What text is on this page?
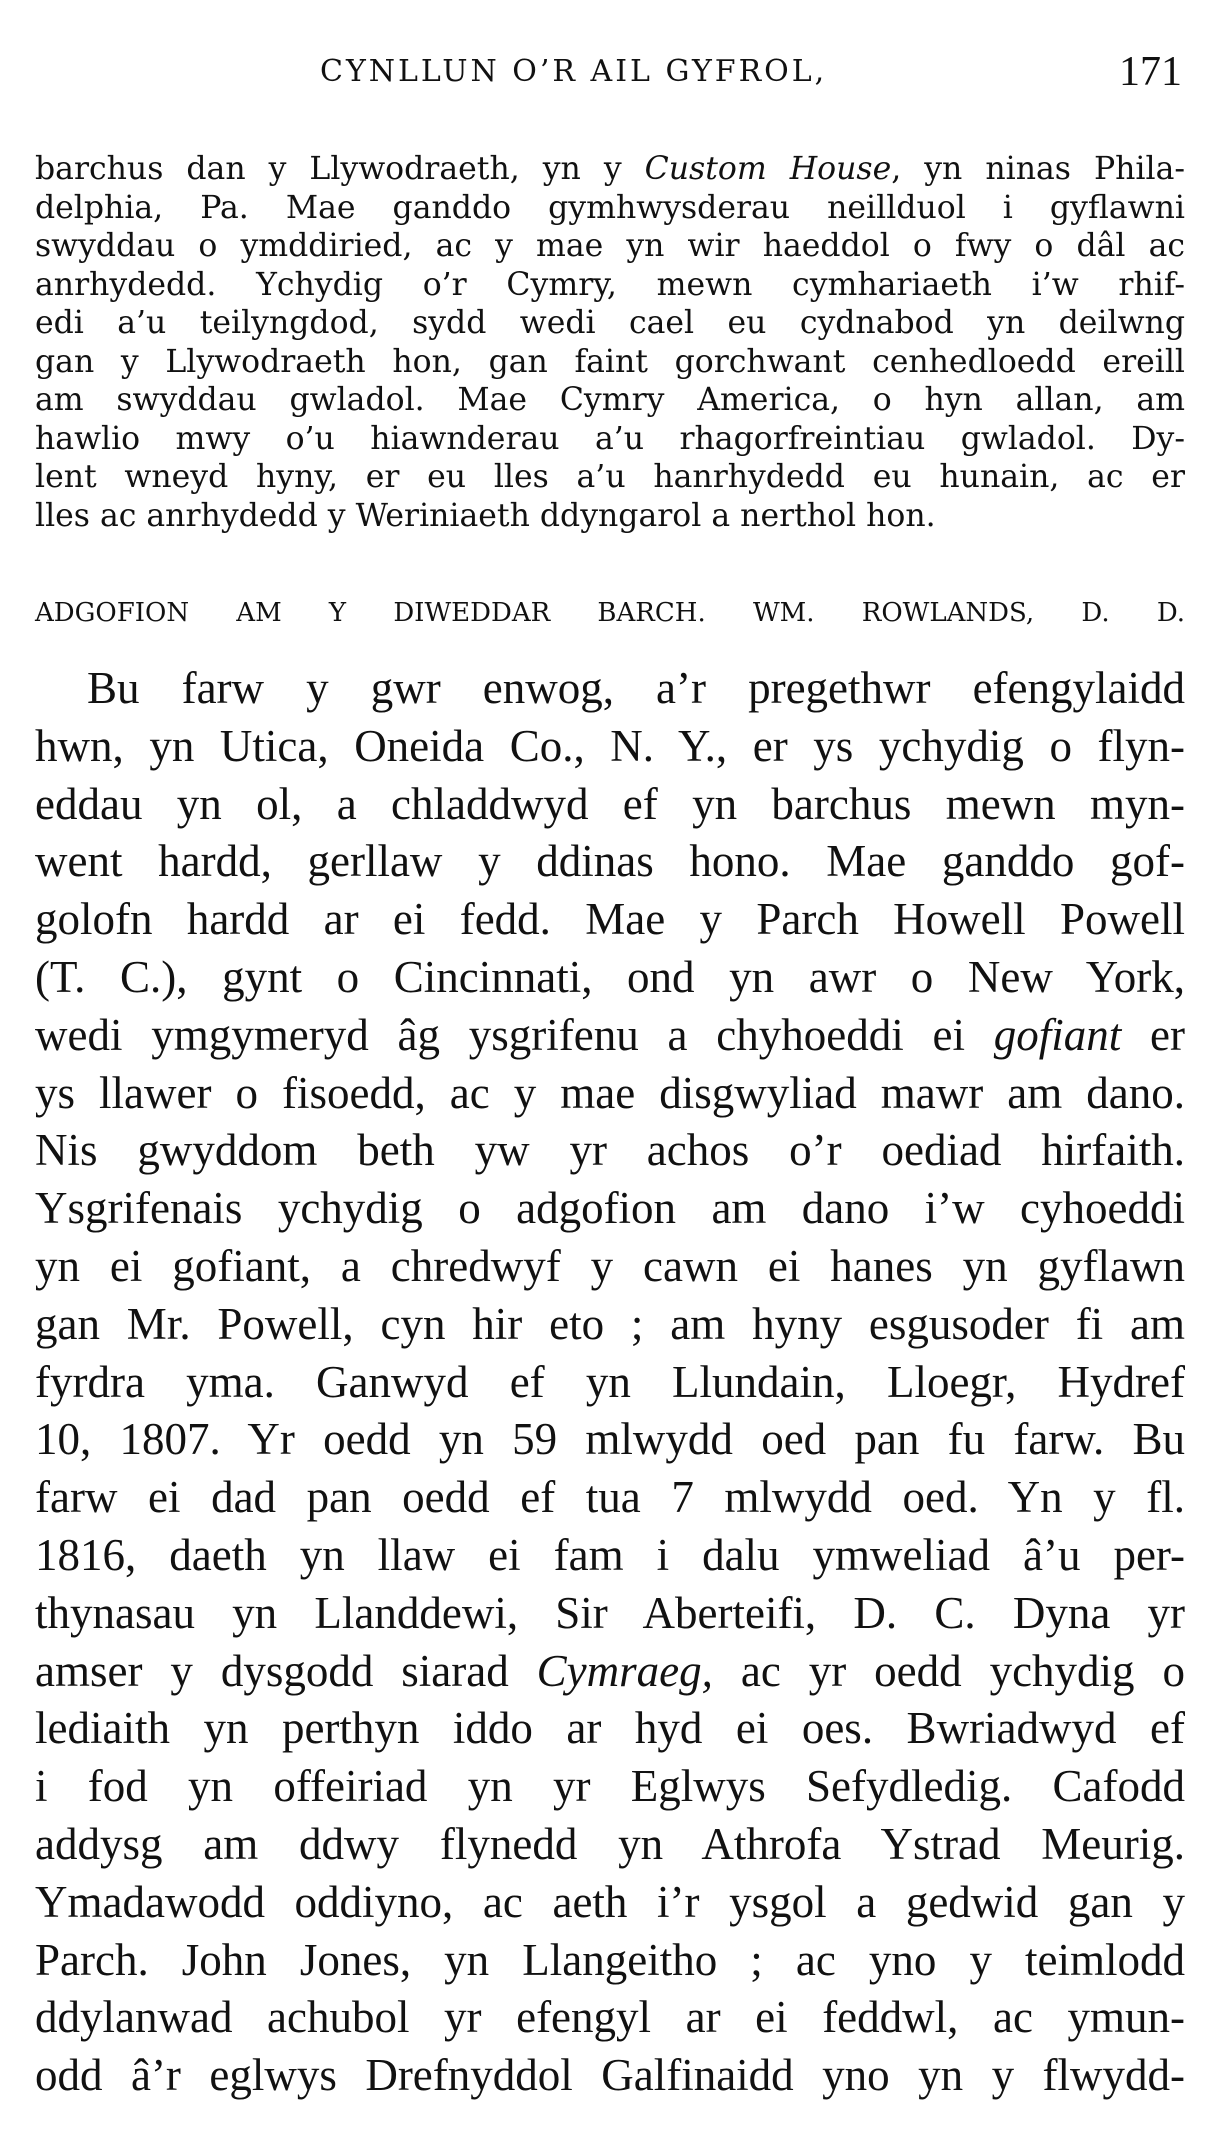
CYNLLUN O’R AIL GYFROL,	171
barchus dan y Llywodraeth, yn y Custom House, yn ninas Phila-
delphia, Pa. Mae ganddo gymhwysderau neillduol i gyflawni
swyddau o ymddiried, ac y mae yn wir haeddol o fwy o dâl ac
anrhydedd. Ychydig o’r Cymry, mewn cymhariaeth i’w rhif-
edi a’u teilyngdod, sydd wedi cael eu cydnabod yn deilwng
gan y Llywodraeth hon, gan faint gorchwant cenhedloedd ereill
am swyddau gwladol. Mae Cymry America, o hyn allan, am
hawlio mwy o’u hiawnderau a’u rhagorfreintiau gwladol. Dy-
lent wneyd hyny, er eu lles a’u hanrhydedd eu hunain, ac er
lles ac anrhydedd y Weriniaeth ddyngarol a nerthol hon.
ADGOFION AM Y DIWEDDAR BARCH. WM. ROWLANDS, D. D.
Bu farw y gwr enwog, a’r pregethwr efengylaidd
hwn, yn Utica, Oneida Co., N. Y., er ys ychydig o flyn-
eddau yn ol, a chladdwyd ef yn barchus mewn myn-
went hardd, gerllaw y ddinas hono. Mae ganddo gof-
golofn hardd ar ei fedd. Mae y Parch Howell Powell
(T. C.), gynt o Cincinnati, ond yn awr o New York,
wedi ymgymeryd âg ysgrifenu a chyhoeddi ei gofiant er
ys llawer o fisoedd, ac y mae disgwyliad mawr am dano.
Nis gwyddom beth yw yr achos o’r oediad hirfaith.
Ysgrifenais ychydig o adgofion am dano i’w cyhoeddi
yn ei gofiant, a chredwyf y cawn ei hanes yn gyflawn
gan Mr. Powell, cyn hir eto ; am hyny esgusoder fi am
fyrdra yma. Ganwyd ef yn Llundain, Lloegr, Hydref
10, 1807. Yr oedd yn 59 mlwydd oed pan fu farw. Bu
farw ei dad pan oedd ef tua 7 mlwydd oed. Yn y fl.
1816, daeth yn llaw ei fam i dalu ymweliad â’u per-
thynasau yn Llanddewi, Sir Aberteifi, D. C. Dyna yr
amser y dysgodd siarad Cymraeg, ac yr oedd ychydig o
lediaith yn perthyn iddo ar hyd ei oes. Bwriadwyd ef
i fod yn offeiriad yn yr Eglwys Sefydledig. Cafodd
addysg am ddwy flynedd yn Athrofa Ystrad Meurig.
Ymadawodd oddiyno, ac aeth i’r ysgol a gedwid gan y
Parch. John Jones, yn Llangeitho ; ac yno y teimlodd
ddylanwad achubol yr efengyl ar ei feddwl, ac ymun-
odd â’r eglwys Drefnyddol Galfinaidd yno yn y flwydd-
